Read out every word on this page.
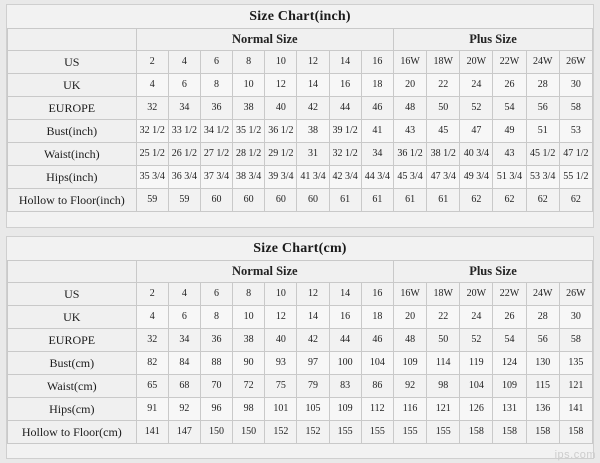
Size Chart(inch)
	Normal Size								Plus Size					
US	2	4	6	8	10	12	14	16	16W	18W	20W	22W	24W	26W
UK	4	6	8	10	12	14	16	18	20	22	24	26	28	30
EUROPE	32	34	36	38	40	42	44	46	48	50	52	54	56	58
Bust(inch)	32 1/2	33 1/2	34 1/2	35 1/2	36 1/2	38	39 1/2	41	43	45	47	49	51	53
Waist(inch)	25 1/2	26 1/2	27 1/2	28 1/2	29 1/2	31	32 1/2	34	36 1/2	38 1/2	40 3/4	43	45 1/2	47 1/2
Hips(inch)	35 3/4	36 3/4	37 3/4	38 3/4	39 3/4	41 3/4	42 3/4	44 3/4	45 3/4	47 3/4	49 3/4	51 3/4	53 3/4	55 1/2
Hollow to Floor(inch)	59	59	60	60	60	60	61	61	61	61	62	62	62	62
Size Chart(cm)
	Normal Size								Plus Size					
US	2	4	6	8	10	12	14	16	16W	18W	20W	22W	24W	26W
UK	4	6	8	10	12	14	16	18	20	22	24	26	28	30
EUROPE	32	34	36	38	40	42	44	46	48	50	52	54	56	58
Bust(cm)	82	84	88	90	93	97	100	104	109	114	119	124	130	135
Waist(cm)	65	68	70	72	75	79	83	86	92	98	104	109	115	121
Hips(cm)	91	92	96	98	101	105	109	112	116	121	126	131	136	141
Hollow to Floor(cm)	141	147	150	150	152	152	155	155	155	155	158	158	158	158
ips.com
